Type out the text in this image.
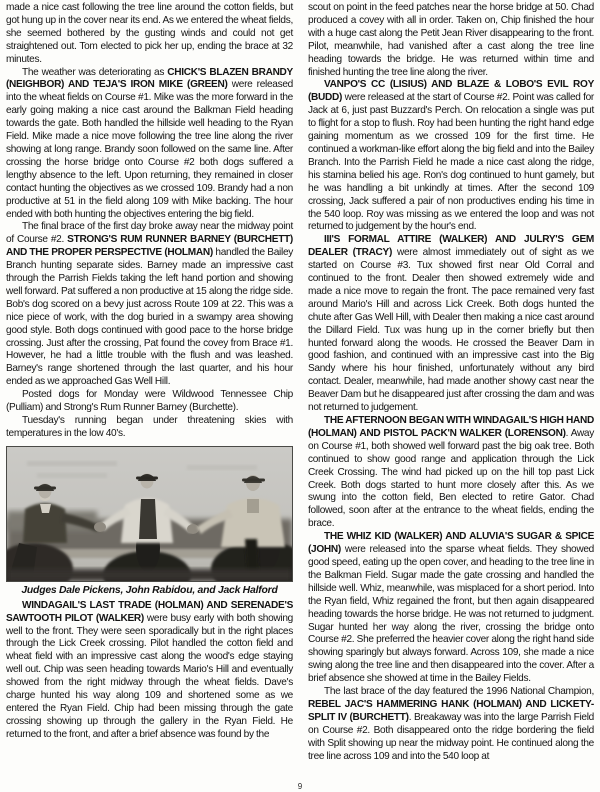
made a nice cast following the tree line around the cotton fields, but got hung up in the cover near its end. As we entered the wheat fields, she seemed bothered by the gusting winds and could not get straightened out. Tom elected to pick her up, ending the brace at 32 minutes.

The weather was deteriorating as CHICK'S BLAZEN BRANDY (NEIGHBOR) AND TEJA'S IRON MIKE (GREEN) were released into the wheat fields on Course #1. Mike was the more forward in the early going making a nice cast around the Balkman Field heading towards the gate. Both handled the hillside well heading to the Ryan Field. Mike made a nice move following the tree line along the river showing at long range. Brandy soon followed on the same line. After crossing the horse bridge onto Course #2 both dogs suffered a lengthy absence to the left. Upon returning, they remained in closer contact hunting the objectives as we crossed 109. Brandy had a non productive at 51 in the field along 109 with Mike backing. The hour ended with both hunting the objectives entering the big field.

The final brace of the first day broke away near the midway point of Course #2. STRONG'S RUM RUNNER BARNEY (BURCHETT) AND THE PROPER PERSPECTIVE (HOLMAN) handled the Bailey Branch hunting separate sides. Barney made an impressive cast through the Parrish Fields taking the left hand portion and showing well forward. Pat suffered a non productive at 15 along the ridge side. Bob's dog scored on a bevy just across Route 109 at 22. This was a nice piece of work, with the dog buried in a swampy area showing good style. Both dogs continued with good pace to the horse bridge crossing. Just after the crossing, Pat found the covey from Brace #1. However, he had a little trouble with the flush and was leashed. Barney's range shortened through the last quarter, and his hour ended as we approached Gas Well Hill.

Posted dogs for Monday were Wildwood Tennessee Chip (Pulliam) and Strong's Rum Runner Barney (Burchette).

Tuesday's running began under threatening skies with temperatures in the low 40's.

Judges Dale Pickens, John Rabidou, and Jack Halford

WINDAGAIL'S LAST TRADE (HOLMAN) AND SERENADE'S SAWTOOTH PILOT (WALKER) were busy early with both showing well to the front. They were seen sporadically but in the right places through the Lick Creek crossing. Pilot handled the cotton field and wheat field with an impressive cast along the wood's edge staying well out. Chip was seen heading towards Mario's Hill and eventually showed from the right midway through the wheat fields. Dave's charge hunted his way along 109 and shortened some as we entered the Ryan Field. Chip had been missing through the gate crossing showing up through the gallery in the Ryan Field. He returned to the front, and after a brief absence was found by the

scout on point in the feed patches near the horse bridge at 50. Chad produced a covey with all in order. Taken on, Chip finished the hour with a huge cast along the Petit Jean River disappearing to the front. Pilot, meanwhile, had vanished after a cast along the tree line heading towards the bridge. He was returned within time and finished hunting the tree line along the river.

VANPO'S CC (LISIUS) AND BLAZE & LOBO'S EVIL ROY (BUDD) were released at the start of Course #2. Point was called for Jack at 6, just past Buzzard's Perch. On relocation a single was put to flight for a stop to flush. Roy had been hunting the right hand edge gaining momentum as we crossed 109 for the first time. He continued a workman-like effort along the big field and into the Bailey Branch. Into the Parrish Field he made a nice cast along the ridge, his stamina belied his age. Ron's dog continued to hunt gamely, but he was handling a bit unkindly at times. After the second 109 crossing, Jack suffered a pair of non productives ending his time in the 540 loop. Roy was missing as we entered the loop and was not returned to judgement by the hour's end.

III'S FORMAL ATTIRE (WALKER) AND JULRY'S GEM DEALER (TRACY) were almost immediately out of sight as we started on Course #3. Tux showed first near Old Corral and continued to the front. Dealer then showed extremely wide and made a nice move to regain the front. The pace remained very fast around Mario's Hill and across Lick Creek. Both dogs hunted the chute after Gas Well Hill, with Dealer then making a nice cast around the Dillard Field. Tux was hung up in the corner briefly but then hunted forward along the woods. He crossed the Beaver Dam in good fashion, and continued with an impressive cast into the Big Sandy where his hour finished, unfortunately without any bird contact. Dealer, meanwhile, had made another showy cast near the Beaver Dam but he disappeared just after crossing the dam and was not returned to judgement.

THE AFTERNOON BEGAN WITH WINDAGAIL'S HIGH HAND (HOLMAN) AND PISTOL PACK'N WALKER (LORENSON). Away on Course #1, both showed well forward past the big oak tree. Both continued to show good range and application through the Lick Creek Crossing. The wind had picked up on the hill top past Lick Creek. Both dogs started to hunt more closely after this. As we swung into the cotton field, Ben elected to retire Gator. Chad followed, soon after at the entrance to the wheat fields, ending the brace.

THE WHIZ KID (WALKER) AND ALUVIA'S SUGAR & SPICE (JOHN) were released into the sparse wheat fields. They showed good speed, eating up the open cover, and heading to the tree line in the Balkman Field. Sugar made the gate crossing and handled the hillside well. Whiz, meanwhile, was misplaced for a short period. Into the Ryan field, Whiz regained the front, but then again disappeared heading towards the horse bridge. He was not returned to judgment. Sugar hunted her way along the river, crossing the bridge onto Course #2. She preferred the heavier cover along the right hand side showing sparingly but always forward. Across 109, she made a nice swing along the tree line and then disappeared into the cover. After a brief absence she showed at time in the Bailey Fields.

The last brace of the day featured the 1996 National Champion, REBEL JAC'S HAMMERING HANK (HOLMAN) AND LICKETY-SPLIT IV (BURCHETT). Breakaway was into the large Parrish Field on Course #2. Both disappeared onto the ridge bordering the field with Split showing up near the midway point. He continued along the tree line across 109 and into the 540 loop at

9
